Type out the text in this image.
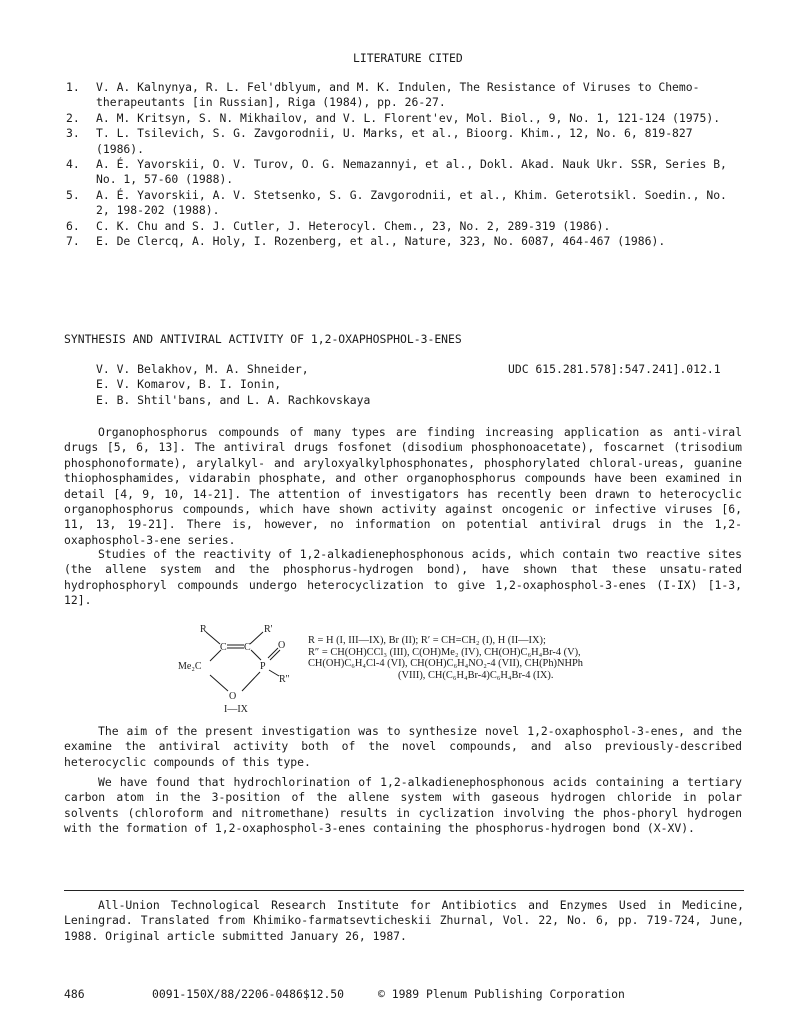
LITERATURE CITED
1. V. A. Kalnynya, R. L. Fel'dblyum, and M. K. Indulen, The Resistance of Viruses to Chemo-therapeutants [in Russian], Riga (1984), pp. 26-27.
2. A. M. Kritsyn, S. N. Mikhailov, and V. L. Florent'ev, Mol. Biol., 9, No. 1, 121-124 (1975).
3. T. L. Tsilevich, S. G. Zavgorodnii, U. Marks, et al., Bioorg. Khim., 12, No. 6, 819-827 (1986).
4. A. É. Yavorskii, O. V. Turov, O. G. Nemazannyi, et al., Dokl. Akad. Nauk Ukr. SSR, Series B, No. 1, 57-60 (1988).
5. A. É. Yavorskii, A. V. Stetsenko, S. G. Zavgorodnii, et al., Khim. Geterotsikl. Soedin., No. 2, 198-202 (1988).
6. C. K. Chu and S. J. Cutler, J. Heterocyl. Chem., 23, No. 2, 289-319 (1986).
7. E. De Clercq, A. Holy, I. Rozenberg, et al., Nature, 323, No. 6087, 464-467 (1986).
SYNTHESIS AND ANTIVIRAL ACTIVITY OF 1,2-OXAPHOSPHOL-3-ENES
V. V. Belakhov, M. A. Shneider,
E. V. Komarov, B. I. Ionin,
E. B. Shtil'bans, and L. A. Rachkovskaya
UDC 615.281.578]:547.241].012.1
Organophosphorus compounds of many types are finding increasing application as anti-viral drugs [5, 6, 13]. The antiviral drugs fosfonet (disodium phosphonoacetate), foscarnet (trisodium phosphonoformate), arylalkyl- and aryloxyalkylphosphonates, phosphorylated chloral-ureas, guanine thiophosphamides, vidarabin phosphate, and other organophosphorus compounds have been examined in detail [4, 9, 10, 14-21]. The attention of investigators has recently been drawn to heterocyclic organophosphorus compounds, which have shown activity against oncogenic or infective viruses [6, 11, 13, 19-21]. There is, however, no information on potential antiviral drugs in the 1,2-oxaphosphol-3-ene series.
Studies of the reactivity of 1,2-alkadienephosphonous acids, which contain two reactive sites (the allene system and the phosphorus-hydrogen bond), have shown that these unsatu-rated hydrophosphoryl compounds undergo heterocyclization to give 1,2-oxaphosphol-3-enes (I-IX) [1-3, 12].
R	R'
C C
Me₂C	P
O
R''
O
I—IX
R = H (I, III—IX), Br (II); R′ = CH=CH₂ (I), H (II—IX);
R″ = CH(OH)CCl₃ (III), C(OH)Me₂ (IV), CH(OH)C₆H₄Br-4 (V),
CH(OH)C₆H₄Cl-4 (VI), CH(OH)C₆H₄NO₂-4 (VII), CH(Ph)NHPh
(VIII), CH(C₆H₄Br-4)C₆H₄Br-4 (IX).
The aim of the present investigation was to synthesize novel 1,2-oxaphosphol-3-enes, and the examine the antiviral activity both of the novel compounds, and also previously-described heterocyclic compounds of this type.
We have found that hydrochlorination of 1,2-alkadienephosphonous acids containing a tertiary carbon atom in the 3-position of the allene system with gaseous hydrogen chloride in polar solvents (chloroform and nitromethane) results in cyclization involving the phos-phoryl hydrogen with the formation of 1,2-oxaphosphol-3-enes containing the phosphorus-hydrogen bond (X-XV).
All-Union Technological Research Institute for Antibiotics and Enzymes Used in Medicine, Leningrad. Translated from Khimiko-farmatsevticheskii Zhurnal, Vol. 22, No. 6, pp. 719-724, June, 1988. Original article submitted January 26, 1987.
486	0091-150X/88/2206-0486$12.50	© 1989 Plenum Publishing Corporation
